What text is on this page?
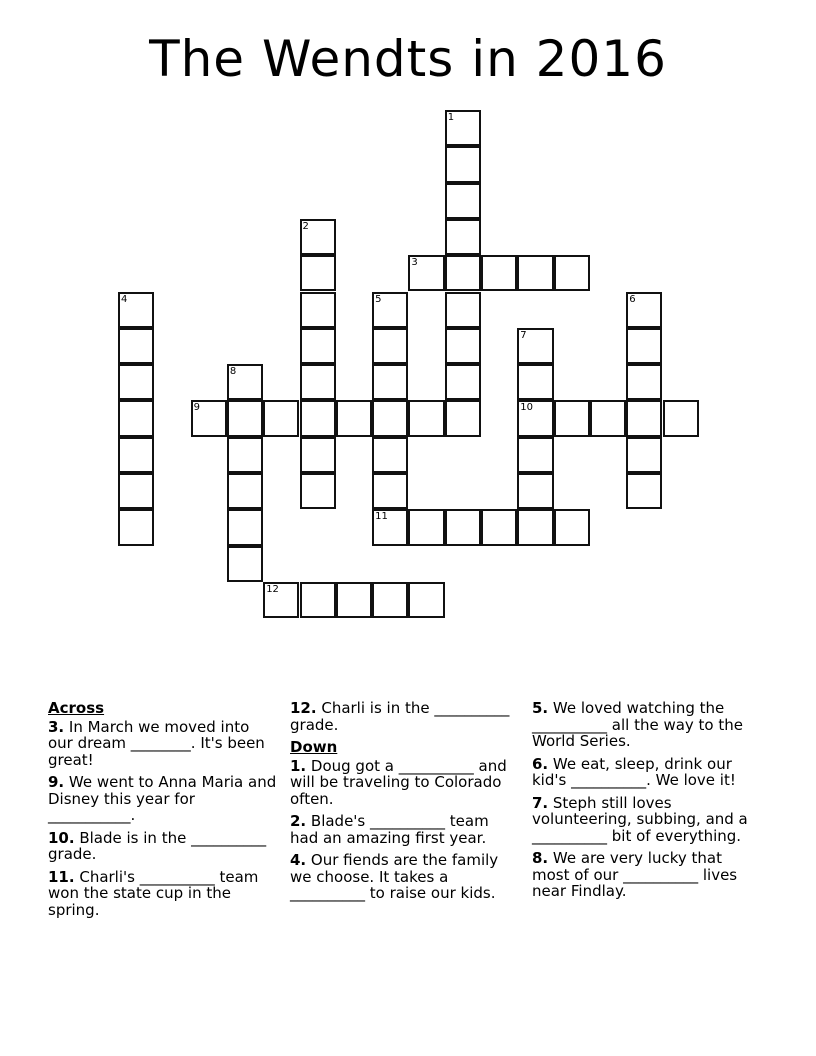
The Wendts in 2016
1
2
3
4	5
11
6
7
10
8
9
12
Across
3. In March we moved into our dream ________. It's been great!
9. We went to Anna Maria and Disney this year for ___________.
10. Blade is in the __________ grade.
11. Charli's __________ team won the state cup in the spring.
12. Charli is in the __________ grade.
Down
1. Doug got a __________ and will be traveling to Colorado often.
2. Blade's __________ team had an amazing first year.
4. Our fiends are the family we choose. It takes a __________ to raise our kids.
5. We loved watching the __________ all the way to the World Series.
6. We eat, sleep, drink our kid's __________. We love it!
7. Steph still loves volunteering, subbing, and a __________ bit of everything.
8. We are very lucky that most of our __________ lives near Findlay.
